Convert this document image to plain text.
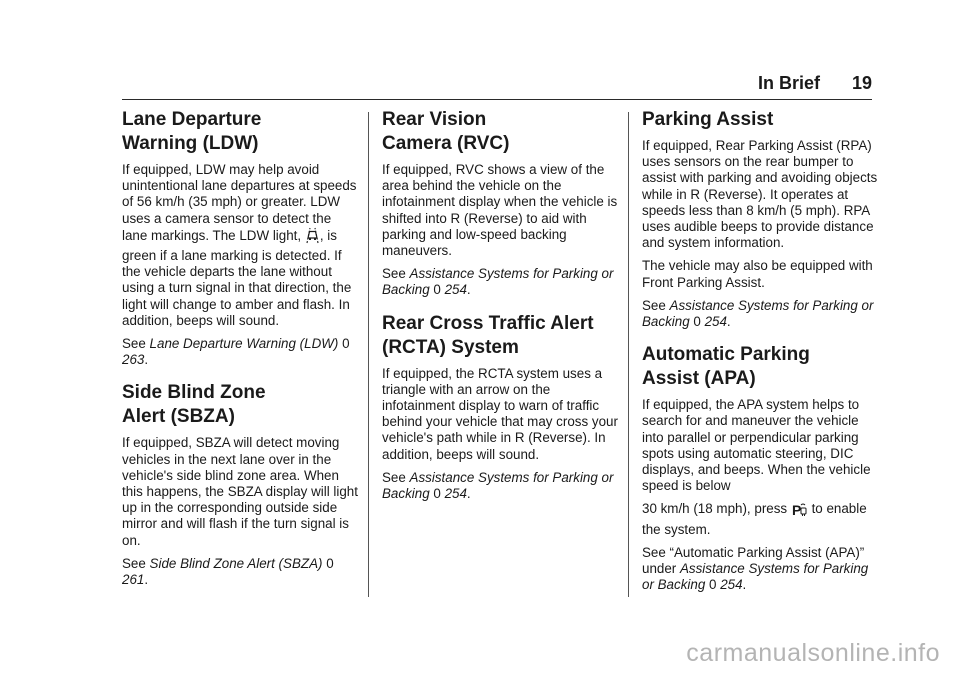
In Brief 19
Lane Departure
Warning (LDW)

If equipped, LDW may help avoid unintentional lane departures at speeds of 56 km/h (35 mph) or greater. LDW uses a camera sensor to detect the lane markings. The LDW light, , is green if a lane marking is detected. If the vehicle departs the lane without using a turn signal in that direction, the light will change to amber and flash. In addition, beeps will sound.

See Lane Departure Warning (LDW) 0 263.

Side Blind Zone
Alert (SBZA)

If equipped, SBZA will detect moving vehicles in the next lane over in the vehicle's side blind zone area. When this happens, the SBZA display will light up in the corresponding outside side mirror and will flash if the turn signal is on.

See Side Blind Zone Alert (SBZA) 0 261.

Rear Vision
Camera (RVC)

If equipped, RVC shows a view of the area behind the vehicle on the infotainment display when the vehicle is shifted into R (Reverse) to aid with parking and low-speed backing maneuvers.

See Assistance Systems for Parking or Backing 0 254.

Rear Cross Traffic Alert
(RCTA) System

If equipped, the RCTA system uses a triangle with an arrow on the infotainment display to warn of traffic behind your vehicle that may cross your vehicle's path while in R (Reverse). In addition, beeps will sound.

See Assistance Systems for Parking or Backing 0 254.

Parking Assist

If equipped, Rear Parking Assist (RPA) uses sensors on the rear bumper to assist with parking and avoiding objects while in R (Reverse). It operates at speeds less than 8 km/h (5 mph). RPA uses audible beeps to provide distance and system information.

The vehicle may also be equipped with Front Parking Assist.

See Assistance Systems for Parking or Backing 0 254.

Automatic Parking
Assist (APA)

If equipped, the APA system helps to search for and maneuver the vehicle into parallel or perpendicular parking spots using automatic steering, DIC displays, and beeps. When the vehicle speed is below

30 km/h (18 mph), press P to enable the system.

See “Automatic Parking Assist (APA)” under Assistance Systems for Parking or Backing 0 254.

carmanualsonline.info
